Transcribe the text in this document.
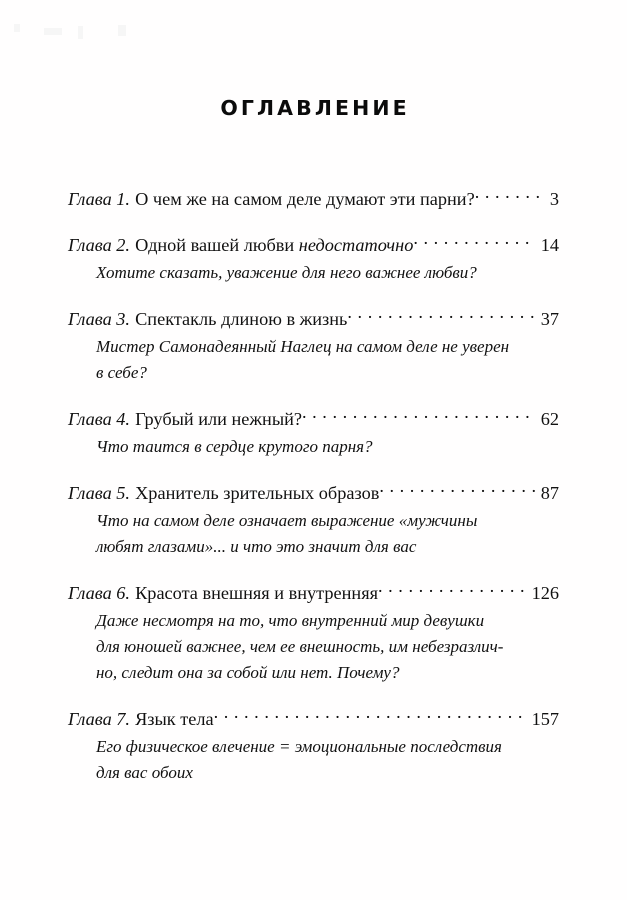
ОГЛАВЛЕНИЕ
Глава 1. О чем же на самом деле думают эти парни? . . .	3
Глава 2. Одной вашей любви недостаточно . . .	14
Хотите сказать, уважение для него важнее любви?
Глава 3. Спектакль длиною в жизнь . . .	37
Мистер Самонадеянный Наглец на самом деле не уверен
в себе?
Глава 4. Грубый или нежный? . . .	62
Что таится в сердце крутого парня?
Глава 5. Хранитель зрительных образов . . .	87
Что на самом деле означает выражение «мужчины
любят глазами»... и что это значит для вас
Глава 6. Красота внешняя и внутренняя . . .	126
Даже несмотря на то, что внутренний мир девушки
для юношей важнее, чем ее внешность, им небезразлич-
но, следит она за собой или нет. Почему?
Глава 7. Язык тела . . .	157
Его физическое влечение = эмоциональные последствия
для вас обоих
